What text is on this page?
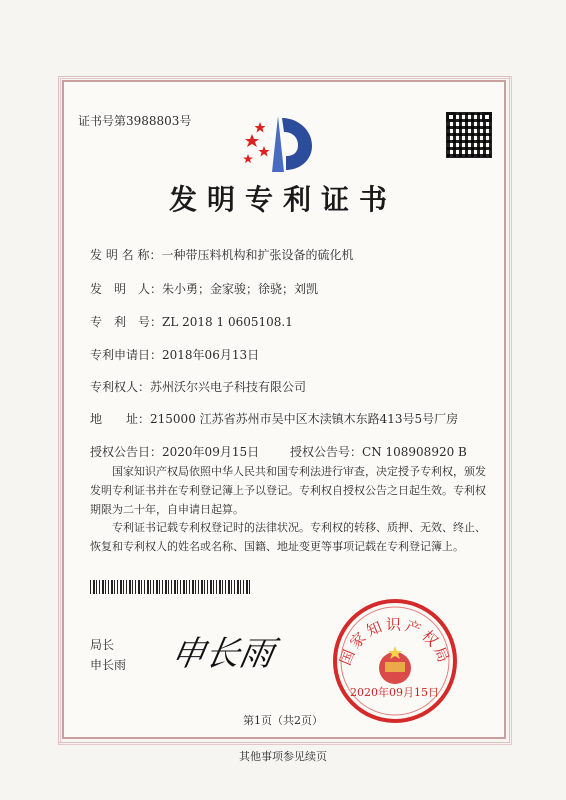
证书号第3988803号
发明专利证书
发 明 名 称：一种带压料机构和扩张设备的硫化机
发　明　人：朱小勇；金家骏；徐骁；刘凯
专　利　号：ZL 2018 1 0605108.1
专利申请日：2018年06月13日
专利权人：苏州沃尔兴电子科技有限公司
地　　址：215000 江苏省苏州市吴中区木渎镇木东路413号5号厂房
授权公告日：2020年09月15日	授权公告号：CN 108908920 B
国家知识产权局依照中华人民共和国专利法进行审查，决定授予专利权，颁发发明专利证书并在专利登记簿上予以登记。专利权自授权公告之日起生效。专利权期限为二十年，自申请日起算。
专利证书记载专利权登记时的法律状况。专利权的转移、质押、无效、终止、恢复和专利权人的姓名或名称、国籍、地址变更等事项记载在专利登记簿上。
局长
申长雨 申长雨	国家知识产权局
2020年09月15日
第1页（共2页）
其他事项参见续页
